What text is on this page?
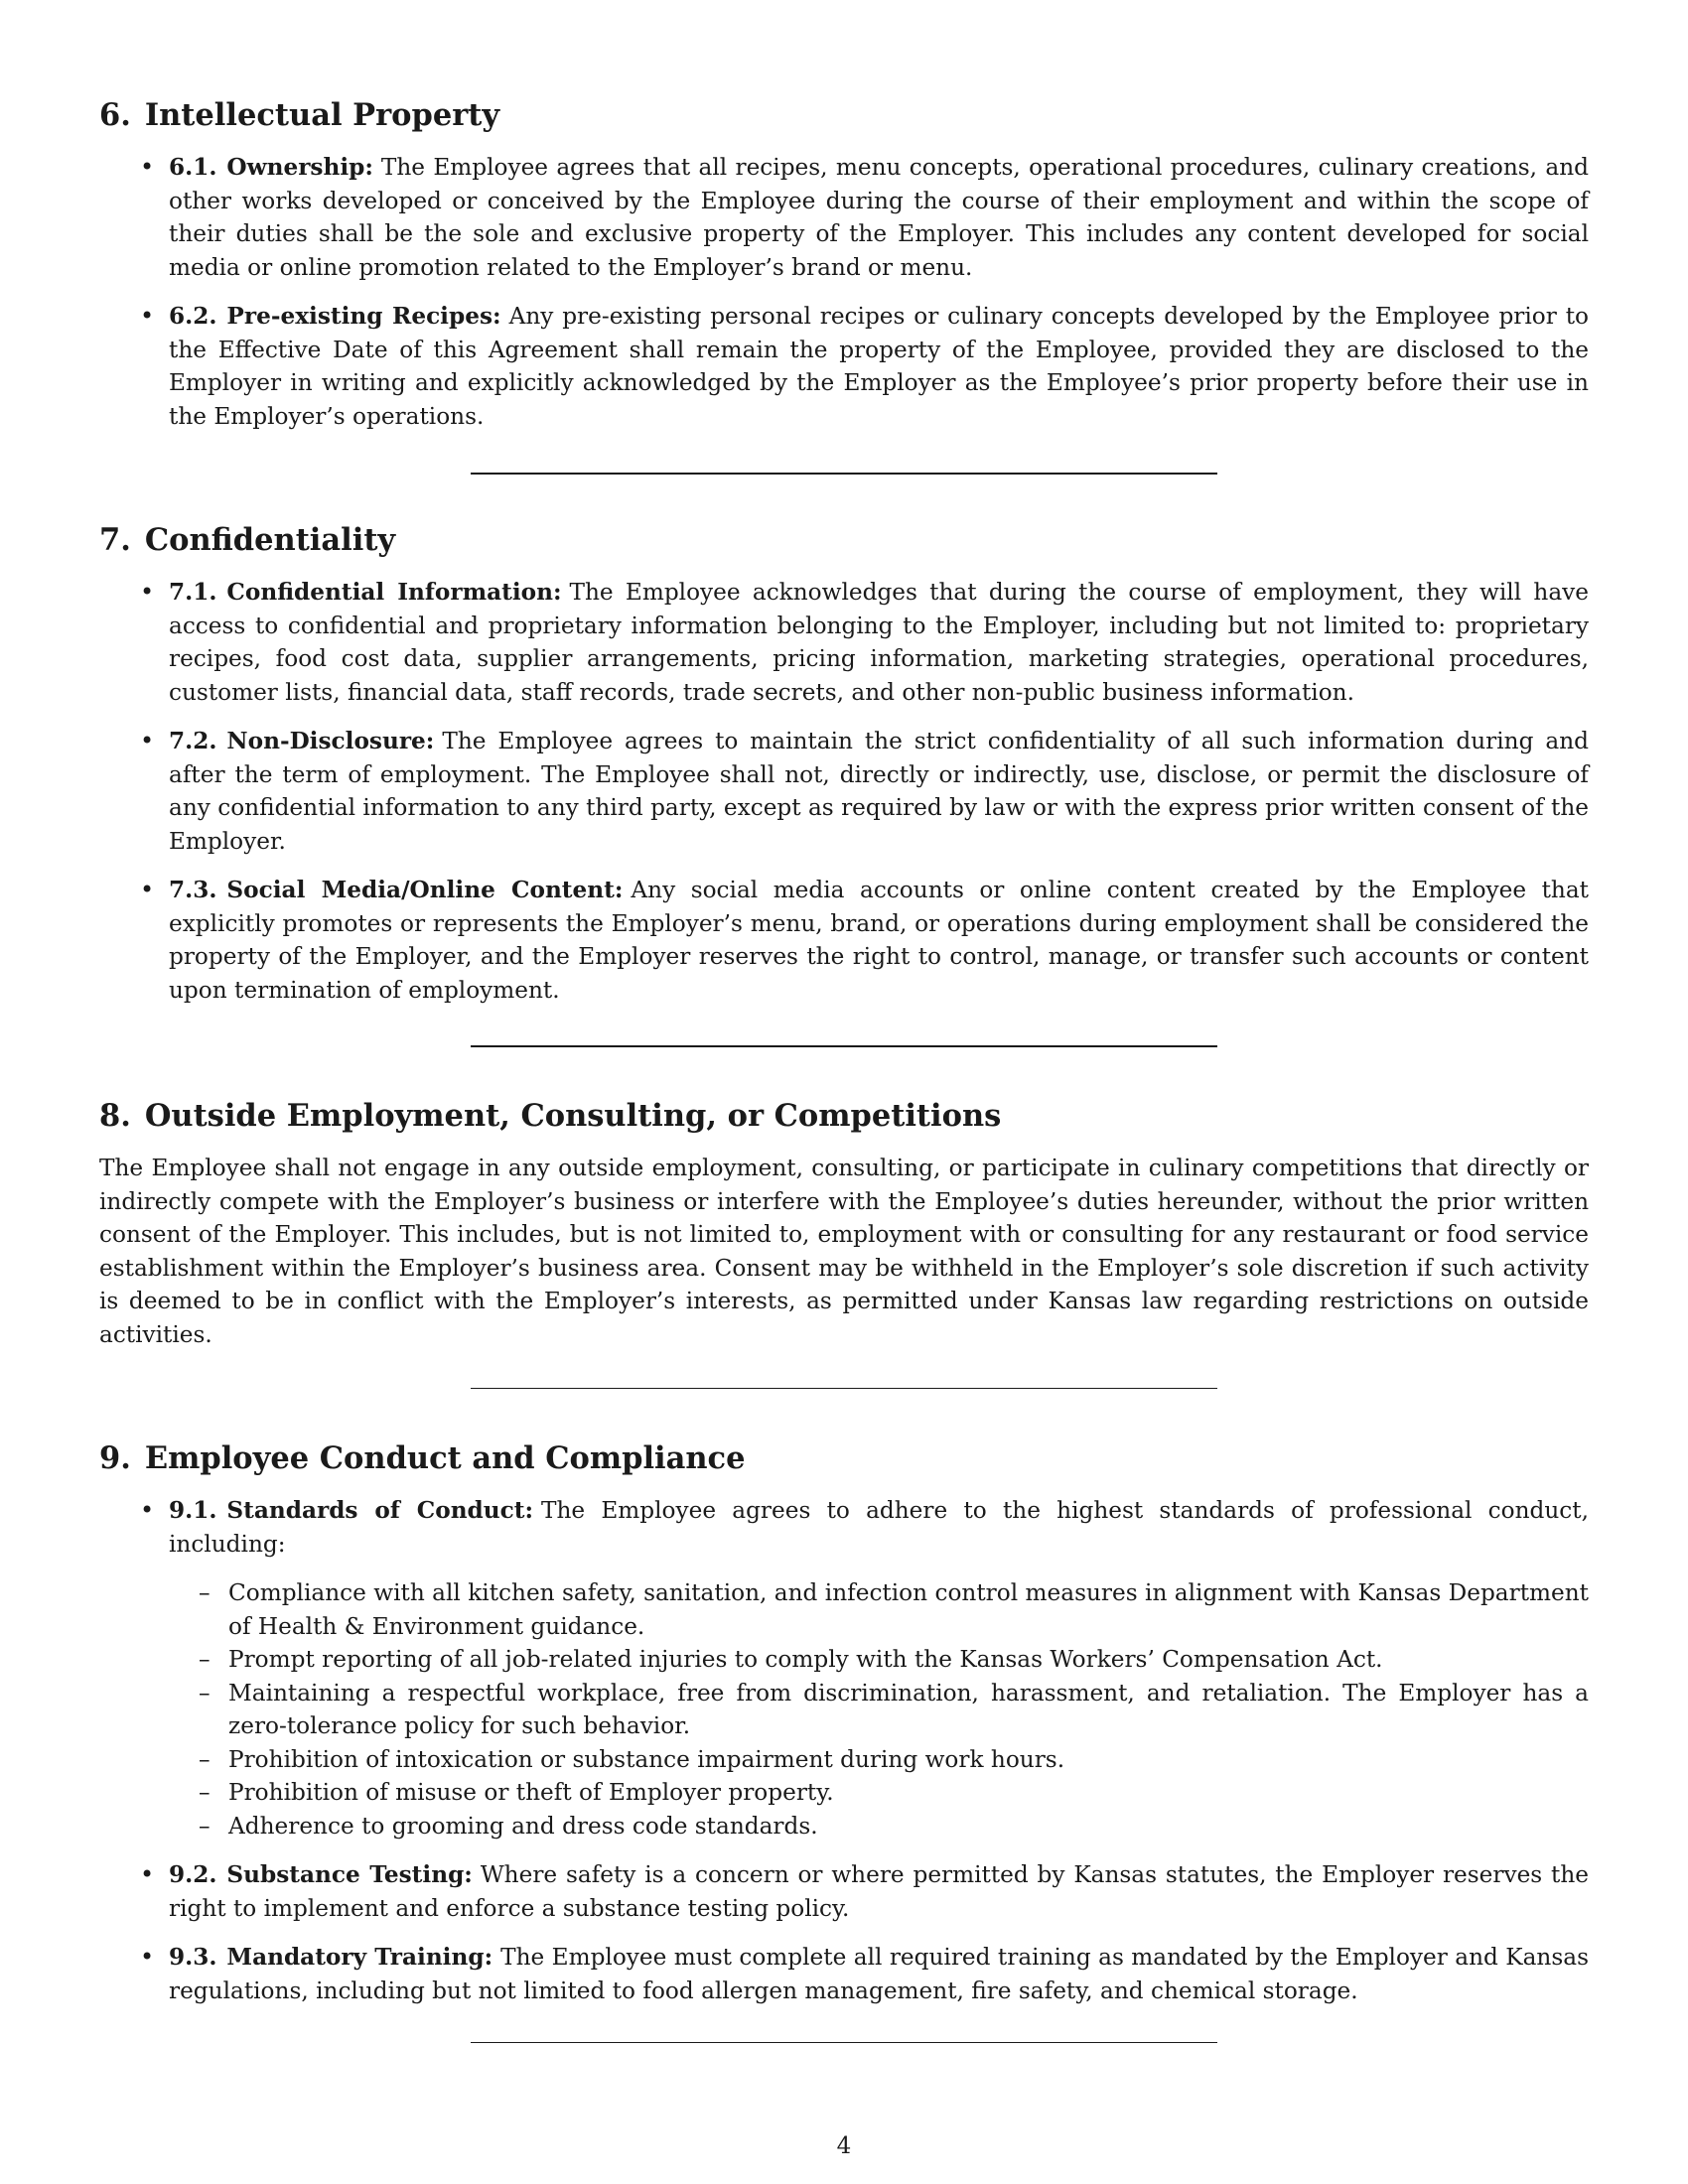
6. Intellectual Property
• 6.1. Ownership: The Employee agrees that all recipes, menu concepts, operational procedures, culinary creations, and other works developed or conceived by the Employee during the course of their employment and within the scope of their duties shall be the sole and exclusive property of the Employer. This includes any content developed for social media or online promotion related to the Employer’s brand or menu.
• 6.2. Pre-existing Recipes: Any pre-existing personal recipes or culinary concepts developed by the Employee prior to the Effective Date of this Agreement shall remain the property of the Employee, provided they are disclosed to the Employer in writing and explicitly acknowledged by the Employer as the Employee’s prior property before their use in the Employer’s operations.
7. Confidentiality
• 7.1. Confidential Information: The Employee acknowledges that during the course of employment, they will have access to confidential and proprietary information belonging to the Employer, including but not limited to: proprietary recipes, food cost data, supplier arrangements, pricing information, marketing strategies, operational procedures, customer lists, financial data, staff records, trade secrets, and other non-public business information.
• 7.2. Non-Disclosure: The Employee agrees to maintain the strict confidentiality of all such information during and after the term of employment. The Employee shall not, directly or indirectly, use, disclose, or permit the disclosure of any confidential information to any third party, except as required by law or with the express prior written consent of the Employer.
• 7.3. Social Media/Online Content: Any social media accounts or online content created by the Employee that explicitly promotes or represents the Employer’s menu, brand, or operations during employment shall be considered the property of the Employer, and the Employer reserves the right to control, manage, or transfer such accounts or content upon termination of employment.
8. Outside Employment, Consulting, or Competitions

The Employee shall not engage in any outside employment, consulting, or participate in culinary competitions that directly or indirectly compete with the Employer’s business or interfere with the Employee’s duties hereunder, without the prior written consent of the Employer. This includes, but is not limited to, employment with or consulting for any restaurant or food service establishment within the Employer’s business area. Consent may be withheld in the Employer’s sole discretion if such activity is deemed to be in conflict with the Employer’s interests, as permitted under Kansas law regarding restrictions on outside activities.

9. Employee Conduct and Compliance
• 9.1. Standards of Conduct: The Employee agrees to adhere to the highest standards of professional conduct, including:
– Compliance with all kitchen safety, sanitation, and infection control measures in alignment with Kansas Department of Health & Environment guidance.
– Prompt reporting of all job-related injuries to comply with the Kansas Workers’ Compensation Act.
– Maintaining a respectful workplace, free from discrimination, harassment, and retaliation. The Employer has a zero-tolerance policy for such behavior.
– Prohibition of intoxication or substance impairment during work hours.
– Prohibition of misuse or theft of Employer property.
– Adherence to grooming and dress code standards.
• 9.2. Substance Testing: Where safety is a concern or where permitted by Kansas statutes, the Employer reserves the right to implement and enforce a substance testing policy.
• 9.3. Mandatory Training: The Employee must complete all required training as mandated by the Employer and Kansas regulations, including but not limited to food allergen management, fire safety, and chemical storage.
4
